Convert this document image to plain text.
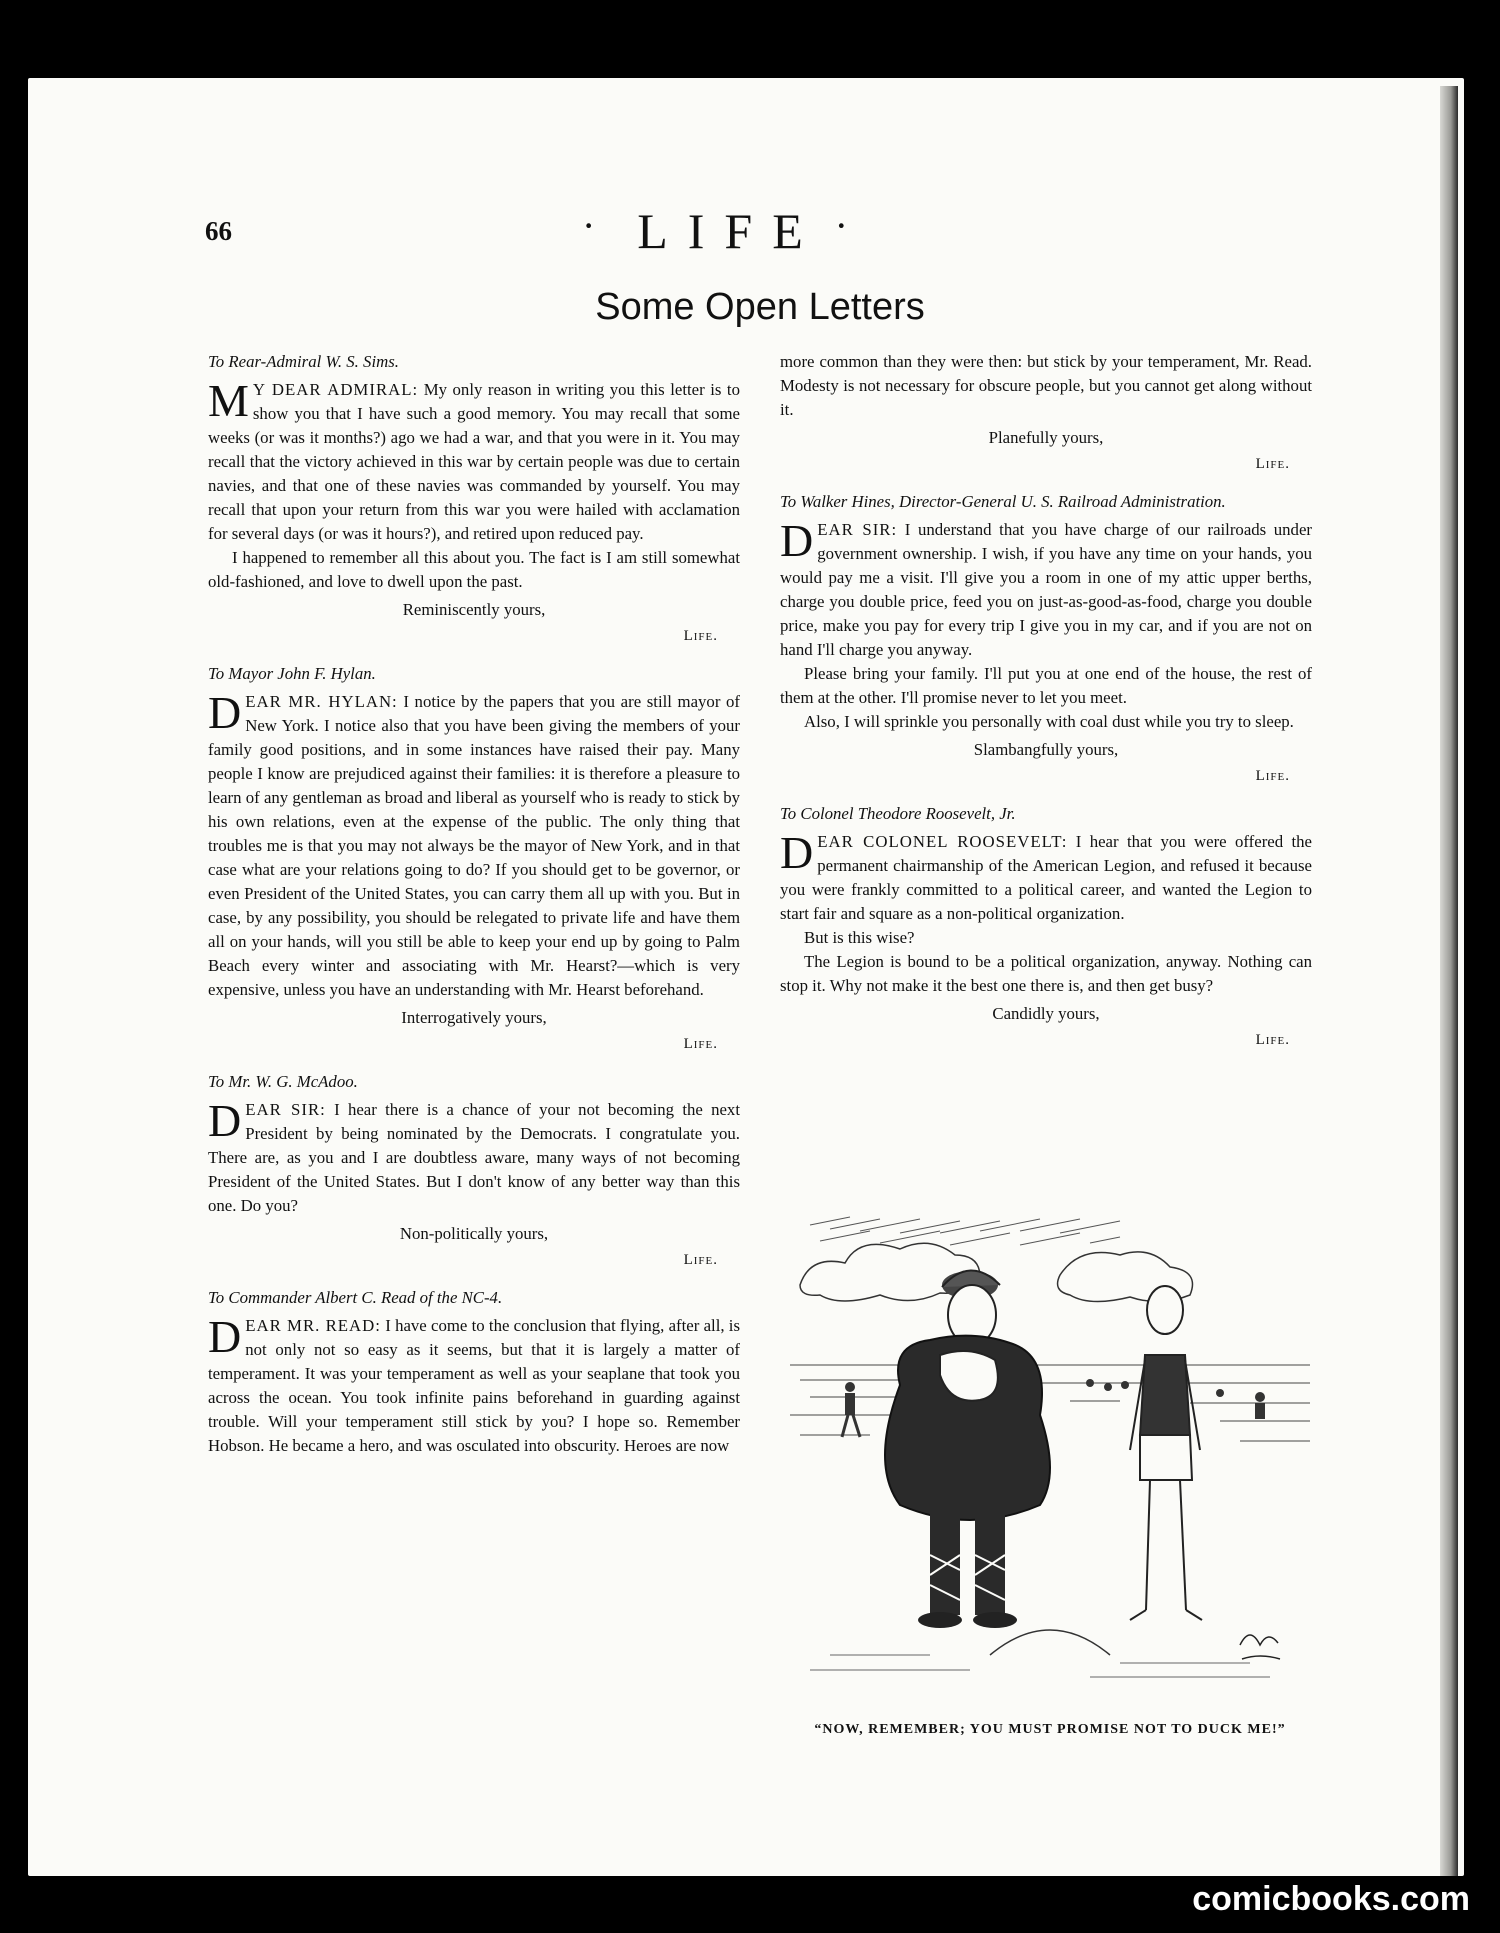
66
·	LIFE ·
Some Open Letters

To Rear-Admiral W. S. Sims.

M Y DEAR ADMIRAL: My only reason in writing you this letter is to show you that I have such a good memory. You may recall that some weeks (or was it months?) ago we had a war, and that you were in it. You may recall that the victory achieved in this war by certain people was due to certain navies, and that one of these navies was commanded by yourself. You may recall that upon your return from this war you were hailed with acclamation for several days (or was it hours?), and retired upon reduced pay.

I happened to remember all this about you. The fact is I am still somewhat old-fashioned, and love to dwell upon the past.

Reminiscently yours,

Life.

To Mayor John F. Hylan.

DEAR MR. HYLAN: I notice by the papers that you are still mayor of New York. I notice also that you have been giving the members of your family good positions, and in some instances have raised their pay. Many people I know are prejudiced against their families: it is therefore a pleasure to learn of any gentleman as broad and liberal as yourself who is ready to stick by his own relations, even at the expense of the public. The only thing that troubles me is that you may not always be the mayor of New York, and in that case what are your relations going to do? If you should get to be governor, or even President of the United States, you can carry them all up with you. But in case, by any possibility, you should be relegated to private life and have them all on your hands, will you still be able to keep your end up by going to Palm Beach every winter and associating with Mr. Hearst?—which is very expensive, unless you have an understanding with Mr. Hearst beforehand.

Interrogatively yours,

Life.

To Mr. W. G. McAdoo.

DEAR SIR: I hear there is a chance of your not becoming the next President by being nominated by the Democrats. I congratulate you. There are, as you and I are doubtless aware, many ways of not becoming President of the United States. But I don't know of any better way than this one. Do you?

Non-politically yours,

Life.

To Commander Albert C. Read of the NC-4.

DEAR MR. READ: I have come to the conclusion that flying, after all, is not only not so easy as it seems, but that it is largely a matter of temperament. It was your temperament as well as your seaplane that took you across the ocean. You took infinite pains beforehand in guarding against trouble. Will your temperament still stick by you? I hope so. Remember Hobson. He became a hero, and was osculated into obscurity. Heroes are now

more common than they were then: but stick by your temperament, Mr. Read. Modesty is not necessary for obscure people, but you cannot get along without it.

Planefully yours,

Life.

To Walker Hines, Director-General U. S. Railroad Administration.

DEAR SIR: I understand that you have charge of our railroads under government ownership. I wish, if you have any time on your hands, you would pay me a visit. I'll give you a room in one of my attic upper berths, charge you double price, feed you on just-as-good-as-food, charge you double price, make you pay for every trip I give you in my car, and if you are not on hand I'll charge you anyway.

Please bring your family. I'll put you at one end of the house, the rest of them at the other. I'll promise never to let you meet.

Also, I will sprinkle you personally with coal dust while you try to sleep.

Slambangfully yours,

Life.

To Colonel Theodore Roosevelt, Jr.

DEAR COLONEL ROOSEVELT: I hear that you were offered the permanent chairmanship of the American Legion, and refused it because you were frankly committed to a political career, and wanted the Legion to start fair and square as a non-political organization.

But is this wise?

The Legion is bound to be a political organization, anyway. Nothing can stop it. Why not make it the best one there is, and then get busy?

Candidly yours,

Life.

“NOW, REMEMBER; YOU MUST PROMISE NOT TO DUCK ME!”
comicbooks.com
